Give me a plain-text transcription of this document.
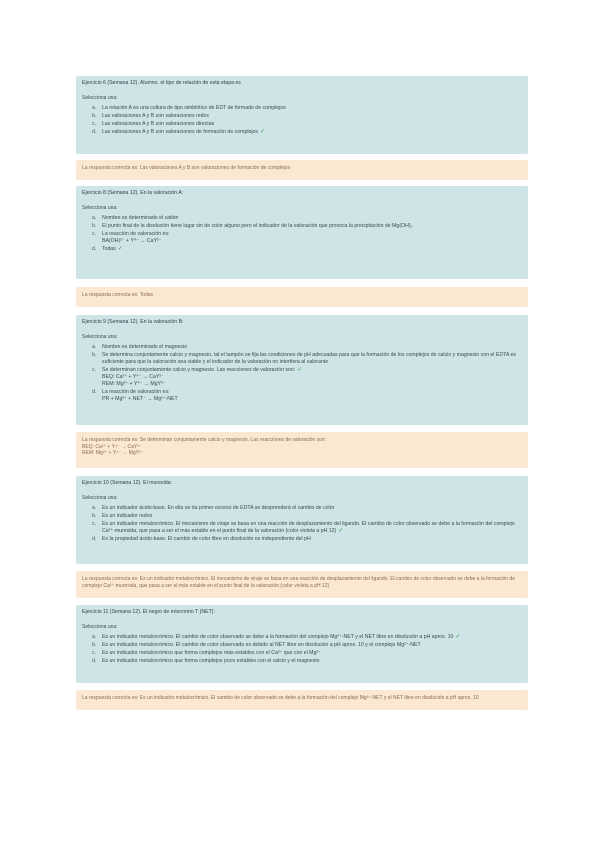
Ejercicio 6 (Semana 12). Alumno. el tipo de relación de esta etapa es
Selecciona una:
a.	La relación A es una cultura de tipo simbiótico de EDT de formado de complejos
b.	Las valoraciones A y B son valoraciones redox
c.	Las valoraciones A y B son valoraciones directas
d.	Las valoraciones A y B son valoraciones de formación de complejos ✓
La respuesta correcta es: Las valoraciones A y B son valoraciones de formación de complejos
Ejercicio 8 (Semana 12). En la valoración A:
Selecciona una:
a.	Nombre es determinado el catión
b.	El punto final de la disolución tiene lugar sin de color alguno pero el indicador de la valoración que provoca la precipitación de Mg(OH)₂
c.	La reacción de valoración es:
BA(OH)²⁻ + Y⁴⁻ → CaY²⁻
d.	Todas ✓
La respuesta correcta es: Todas
Ejercicio 9 (Semana 12). En la valoración B:
Selecciona una:
a.	Nombre es determinado el magnesio
b.	Se determina conjuntamente calcio y magnesio, tal el tampón se fija las condiciones de pH adecuadas para que la formación de los complejos de calcio y magnesio con el EDTA es suficiente para que la valoración sea viable y el indicador de la valoración no interfiera al valorante
c.	Se determinan conjuntamente calcio y magnesio. Las reacciones de valoración son: ✓
BEQ: Ca²⁺ + Y⁴⁻ → CaY²⁻
REM: Mg²⁺ + Y⁴⁻ → MgY²⁻
d.	La reacción de valoración es:
PR + Mg²⁺ + NET⁻ → Mg²⁺-NET
La respuesta correcta es: Se determinan conjuntamente calcio y magnesio. Las reacciones de valoración son:
BEQ: Ca²⁺ + Y⁴⁻ → CaY²⁻
REM: Mg²⁺ + Y⁴⁻ → MgY²⁻
Ejercicio 10 (Semana 12). El murexida:
Selecciona una:
a.	Es un indicador ácido-base. En ella se da primer exceso de EDTA se desprenderá el cambio de color
b.	Es un indicador redox
c.	Es un indicador metalocrómico. El mecanismo de viraje se basa en una reacción de desplazamiento del ligando. El cambio de color observado se debe a la formación del complejo Ca²⁺-murexida, que pasa a ser el más estable en el punto final de la valoración (color violeta a pH 12) ✓
d.	Es la propiedad ácido-base. El cambio de color libre en disolución es independiente del pH
La respuesta correcta es: Es un indicador metalocrómico. El mecanismo de viraje se basa en una reacción de desplazamiento del ligando. El cambio de color observado se debe a la formación de complejo Ca²⁺-murexida, que pasa a ser el más estable en el punto final de la valoración (color violeta a pH 12)
Ejercicio 11 (Semana 12). El negro de eriocromo T (NET):
Selecciona una:
a.	Es un indicador metalocrómico. El cambio de color observado se debe a la formación del complejo Mg²⁺-NET y el NET libre en disolución a pH aprox. 10 ✓
b.	Es un indicador metalocrómico. El cambio de color observado es debido al NET libre en disolución a pH aprox. 10 y el complejo Mg²⁺-NET
c.	Es un indicador metalocrómico que forma complejos más estables con el Ca²⁺ que con el Mg²⁺
d.	Es un indicador metalocrómico que forma complejos poco estables con el calcio y el magnesio
La respuesta correcta es: Es un indicador metalocrómico. El cambio de color observado se debe a la formación del complejo Mg²⁺-NET y el NET libre en disolución a pH aprox. 10
